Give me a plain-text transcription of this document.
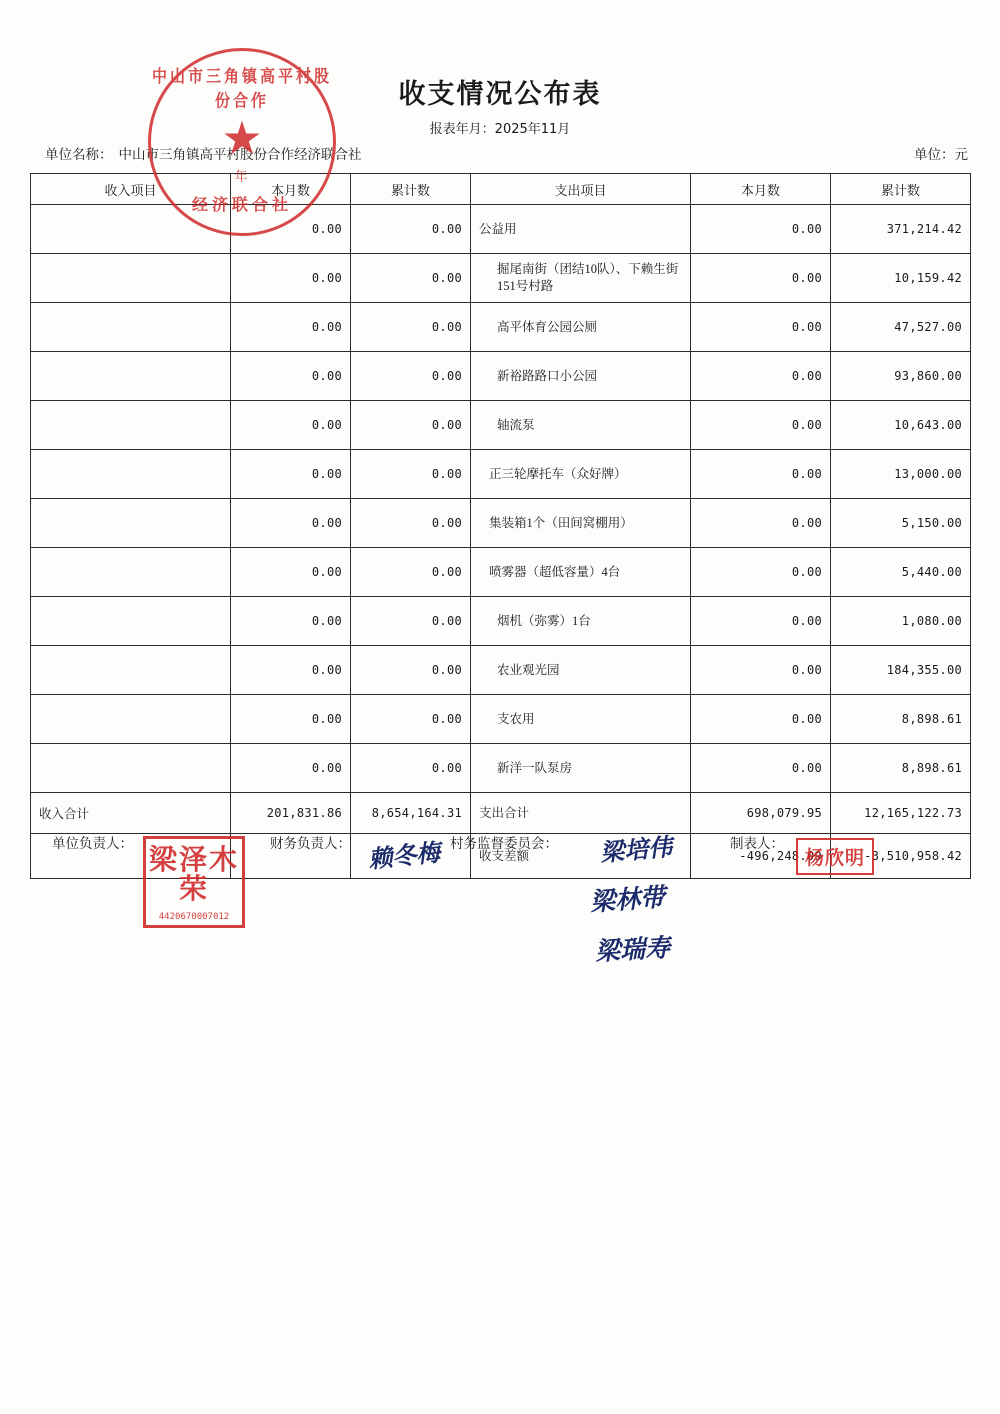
收支情况公布表
报表年月：2025年11月
单位名称： 中山市三角镇高平村股份合作经济联合社	单位：元
收入项目	本月数	累计数	支出项目	本月数	累计数
	0.00	0.00	公益用	0.00	371,214.42
	0.00	0.00	掘尾南街（团结10队）、下赖生街151号村路	0.00	10,159.42
	0.00	0.00	高平体育公园公厕	0.00	47,527.00
	0.00	0.00	新裕路路口小公园	0.00	93,860.00
	0.00	0.00	轴流泵	0.00	10,643.00
	0.00	0.00	正三轮摩托车（众好牌）	0.00	13,000.00
	0.00	0.00	集装箱1个（田间窝棚用）	0.00	5,150.00
	0.00	0.00	喷雾器（超低容量）4台	0.00	5,440.00
	0.00	0.00	烟机（弥雾）1台	0.00	1,080.00
	0.00	0.00	农业观光园	0.00	184,355.00
	0.00	0.00	支农用	0.00	8,898.61
	0.00	0.00	新洋一队泵房	0.00	8,898.61
收入合计	201,831.86	8,654,164.31	支出合计	698,079.95	12,165,122.73
			收支差额	-496,248.09	-3,510,958.42
单位负责人：	财务负责人：	村务监督委员会：	制表人：
赖冬梅	梁培伟
梁林带
梁瑞寿
中山市三角镇高平村股份合作
★
年
经济联合社
梁泽木荣
4420670007012
杨欣明
